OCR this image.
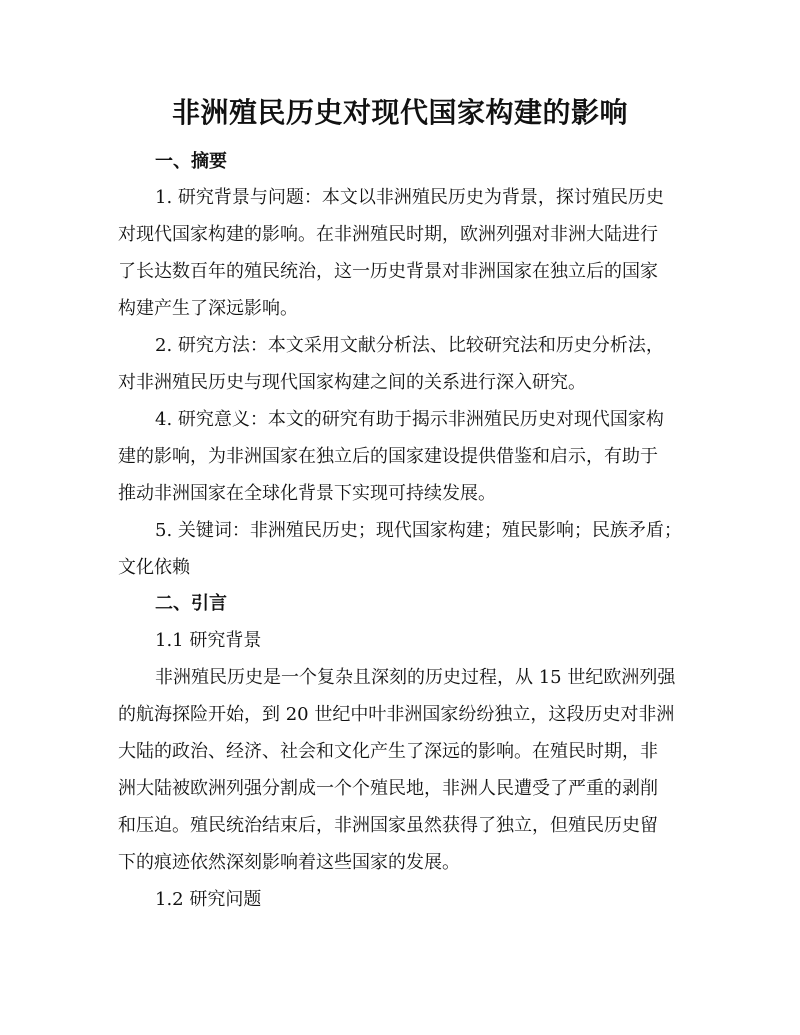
非洲殖民历史对现代国家构建的影响
一、摘要
1. 研究背景与问题：本文以非洲殖民历史为背景，探讨殖民历史
对现代国家构建的影响。在非洲殖民时期，欧洲列强对非洲大陆进行
了长达数百年的殖民统治，这一历史背景对非洲国家在独立后的国家
构建产生了深远影响。
2. 研究方法：本文采用文献分析法、比较研究法和历史分析法，
对非洲殖民历史与现代国家构建之间的关系进行深入研究。
4. 研究意义：本文的研究有助于揭示非洲殖民历史对现代国家构
建的影响，为非洲国家在独立后的国家建设提供借鉴和启示，有助于
推动非洲国家在全球化背景下实现可持续发展。
5. 关键词：非洲殖民历史；现代国家构建；殖民影响；民族矛盾；
文化依赖
二、引言
1.1 研究背景
非洲殖民历史是一个复杂且深刻的历史过程，从 15 世纪欧洲列强
的航海探险开始，到 20 世纪中叶非洲国家纷纷独立，这段历史对非洲
大陆的政治、经济、社会和文化产生了深远的影响。在殖民时期，非
洲大陆被欧洲列强分割成一个个殖民地，非洲人民遭受了严重的剥削
和压迫。殖民统治结束后，非洲国家虽然获得了独立，但殖民历史留
下的痕迹依然深刻影响着这些国家的发展。
1.2 研究问题
